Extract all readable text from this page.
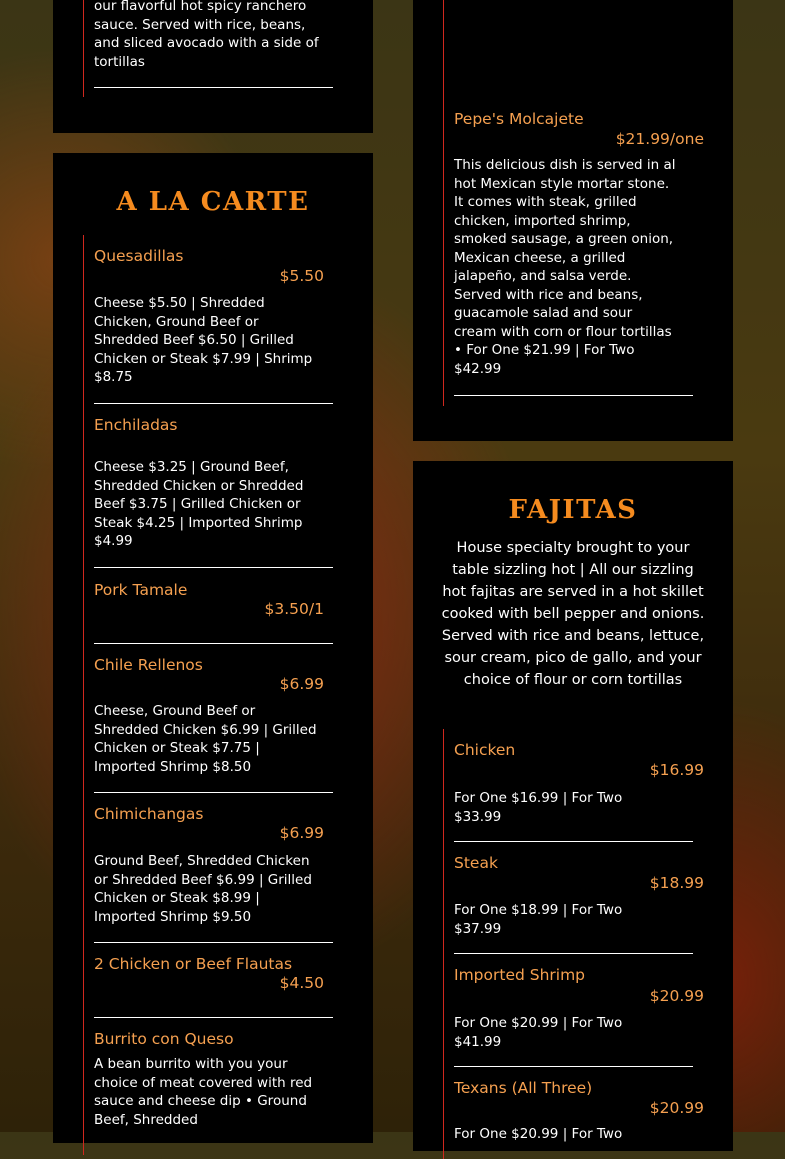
our flavorful hot spicy ranchero sauce. Served with rice, beans, and sliced avocado with a side of tortillas
Pepe's Molcajete
$21.99/one
This delicious dish is served in al hot Mexican style mortar stone. It comes with steak, grilled chicken, imported shrimp, smoked sausage, a green onion, Mexican cheese, a grilled jalapeño, and salsa verde. Served with rice and beans, guacamole salad and sour cream with corn or flour tortillas • For One $21.99 | For Two $42.99
A LA CARTE
Quesadillas
$5.50
Cheese $5.50 | Shredded Chicken, Ground Beef or Shredded Beef $6.50 | Grilled Chicken or Steak $7.99 | Shrimp $8.75
Enchiladas
Cheese $3.25 | Ground Beef, Shredded Chicken or Shredded Beef $3.75 | Grilled Chicken or Steak $4.25 | Imported Shrimp $4.99
Pork Tamale
$3.50/1
Chile Rellenos
$6.99
Cheese, Ground Beef or Shredded Chicken $6.99 | Grilled Chicken or Steak $7.75 | Imported Shrimp $8.50
Chimichangas
$6.99
Ground Beef, Shredded Chicken or Shredded Beef $6.99 | Grilled Chicken or Steak $8.99 | Imported Shrimp $9.50
2 Chicken or Beef Flautas
$4.50
Burrito con Queso
A bean burrito with you your choice of meat covered with red sauce and cheese dip • Ground Beef, Shredded
FAJITAS
House specialty brought to your table sizzling hot | All our sizzling hot fajitas are served in a hot skillet cooked with bell pepper and onions. Served with rice and beans, lettuce, sour cream, pico de gallo, and your choice of flour or corn tortillas
Chicken
$16.99
For One $16.99 | For Two $33.99
Steak
$18.99
For One $18.99 | For Two $37.99
Imported Shrimp
$20.99
For One $20.99 | For Two $41.99
Texans (All Three)
$20.99
For One $20.99 | For Two
